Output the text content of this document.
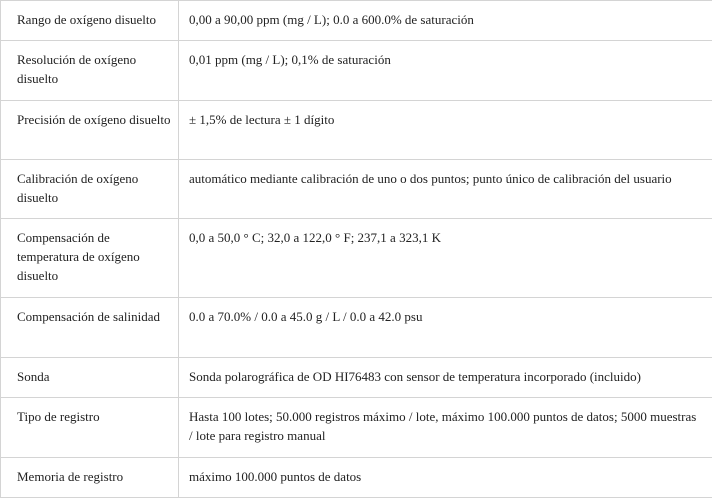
Rango de oxígeno disuelto	0,00 a 90,00 ppm (mg / L); 0.0 a 600.0% de saturación
Resolución de oxígeno disuelto	0,01 ppm (mg / L); 0,1% de saturación
Precisión de oxígeno disuelto	± 1,5% de lectura ± 1 dígito
Calibración de oxígeno disuelto	automático mediante calibración de uno o dos puntos; punto único de calibración del usuario
Compensación de temperatura de oxígeno disuelto	0,0 a 50,0 ° C; 32,0 a 122,0 ° F; 237,1 a 323,1 K
Compensación de salinidad	0.0 a 70.0% / 0.0 a 45.0 g / L / 0.0 a 42.0 psu
Sonda	Sonda polarográfica de OD HI76483 con sensor de temperatura incorporado (incluido)
Tipo de registro	Hasta 100 lotes; 50.000 registros máximo / lote, máximo 100.000 puntos de datos; 5000 muestras / lote para registro manual
Memoria de registro	máximo 100.000 puntos de datos
